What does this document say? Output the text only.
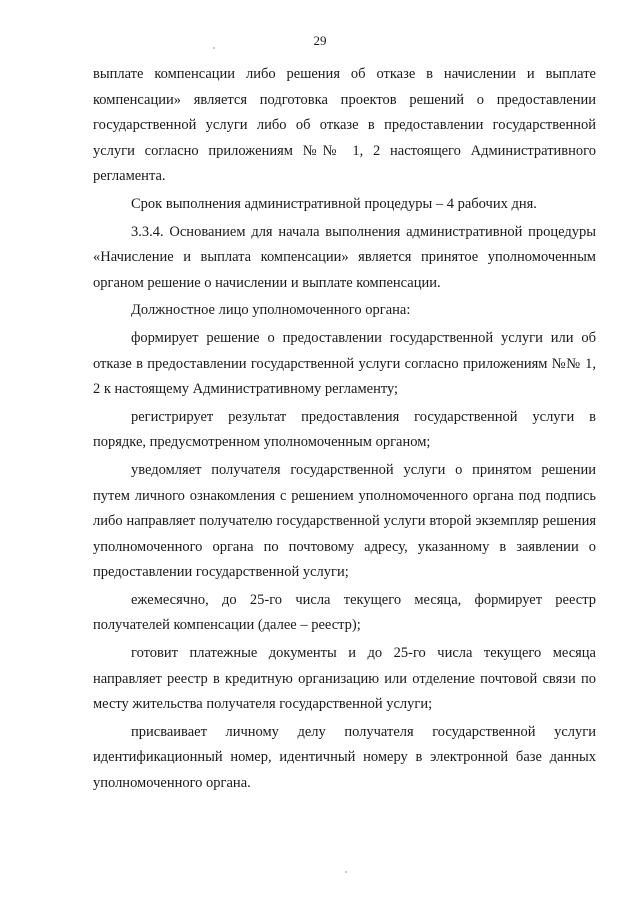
29

выплате компенсации либо решения об отказе в начислении и выплате компенсации» является подготовка проектов решений о предоставлении государственной услуги либо об отказе в предоставлении государственной услуги согласно приложениям №№ 1, 2 настоящего Административного регламента.

Срок выполнения административной процедуры – 4 рабочих дня.

3.3.4. Основанием для начала выполнения административной процедуры «Начисление и выплата компенсации» является принятое уполномоченным органом решение о начислении и выплате компенсации.

Должностное лицо уполномоченного органа:

формирует решение о предоставлении государственной услуги или об отказе в предоставлении государственной услуги согласно приложениям №№ 1, 2 к настоящему Административному регламенту;

регистрирует результат предоставления государственной услуги в порядке, предусмотренном уполномоченным органом;

уведомляет получателя государственной услуги о принятом решении путем личного ознакомления с решением уполномоченного органа под подпись либо направляет получателю государственной услуги второй экземпляр решения уполномоченного органа по почтовому адресу, указанному в заявлении о предоставлении государственной услуги;

ежемесячно, до 25-го числа текущего месяца, формирует реестр получателей компенсации (далее – реестр);

готовит платежные документы и до 25-го числа текущего месяца направляет реестр в кредитную организацию или отделение почтовой связи по месту жительства получателя государственной услуги;

присваивает личному делу получателя государственной услуги идентификационный номер, идентичный номеру в электронной базе данных уполномоченного органа.
